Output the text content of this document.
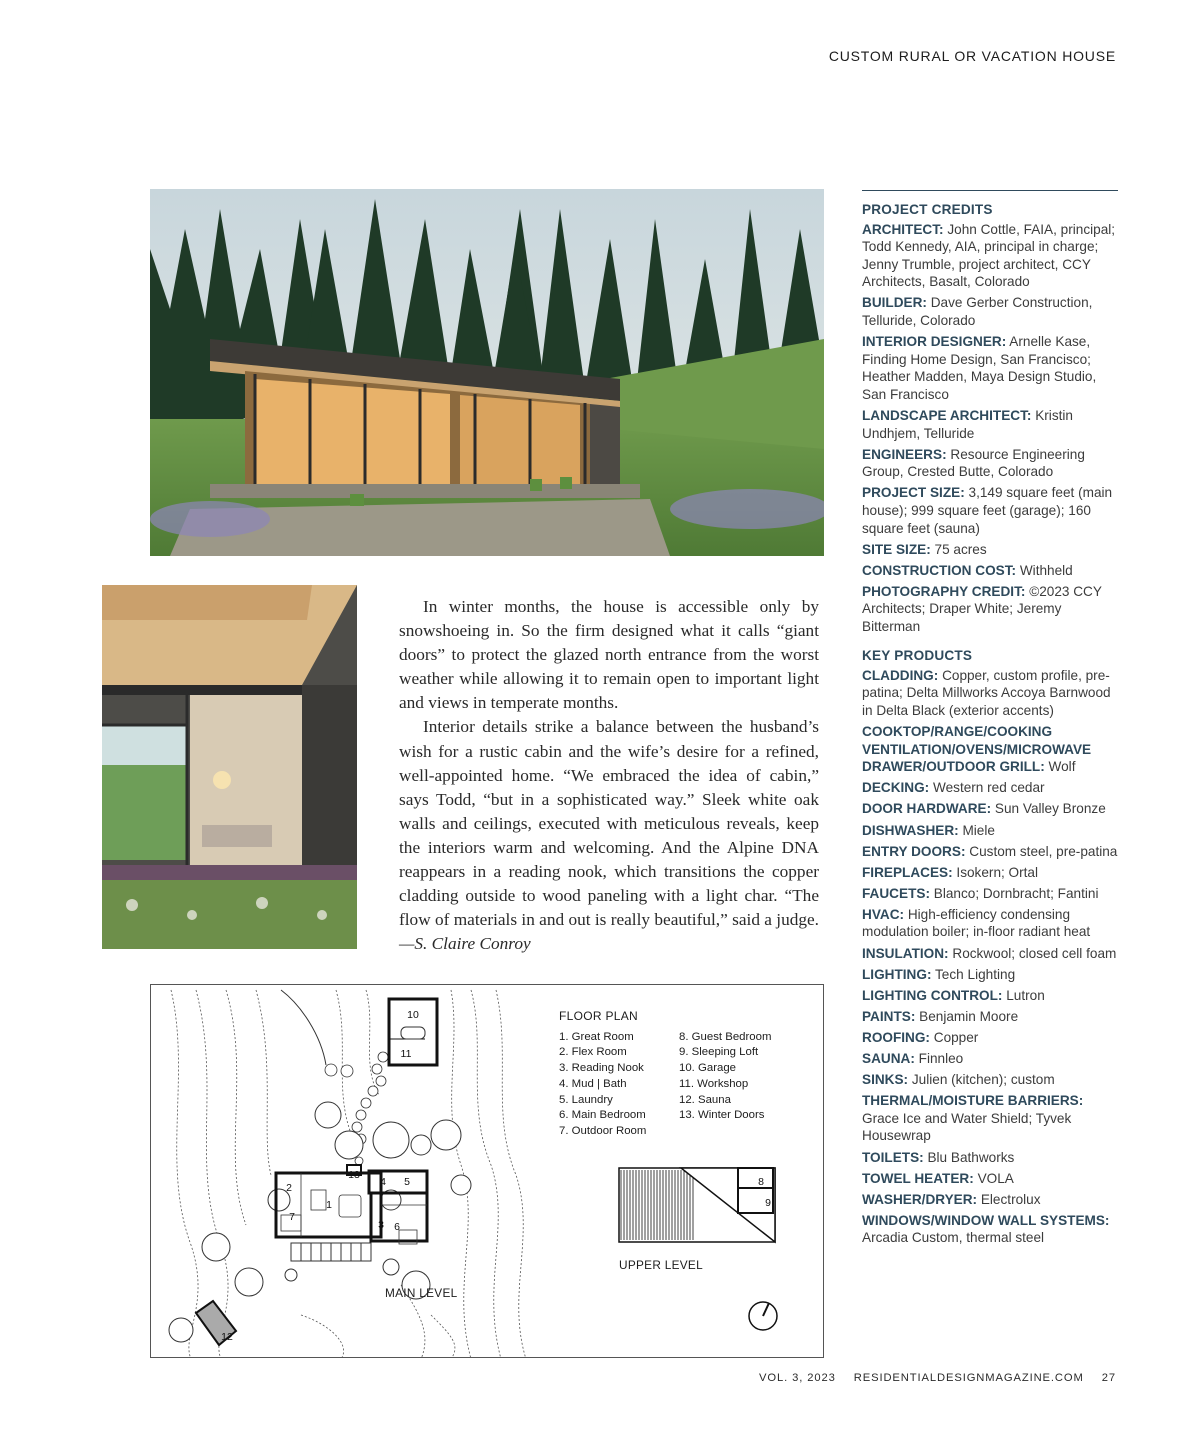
CUSTOM RURAL OR VACATION HOUSE

In winter months, the house is accessible only by snowshoeing in. So the firm designed what it calls “giant doors” to protect the glazed north entrance from the worst weather while allowing it to remain open to important light and views in temperate months.

Interior details strike a balance between the husband’s wish for a rustic cabin and the wife’s desire for a refined, well-appointed home. “We embraced the idea of cabin,” says Todd, “but in a sophisticated way.” Sleek white oak walls and ceilings, executed with meticulous reveals, keep the interiors warm and welcoming. And the Alpine DNA reappears in a reading nook, which transitions the copper cladding outside to wood paneling with a light char. “The flow of materials in and out is really beautiful,” said a judge.—S. Claire Conroy

PROJECT CREDITS
ARCHITECT: John Cottle, FAIA, principal; Todd Kennedy, AIA, principal in charge; Jenny Trumble, project architect, CCY Architects, Basalt, Colorado
BUILDER: Dave Gerber Construction, Telluride, Colorado
INTERIOR DESIGNER: Arnelle Kase, Finding Home Design, San Francisco; Heather Madden, Maya Design Studio, San Francisco
LANDSCAPE ARCHITECT: Kristin Undhjem, Telluride
ENGINEERS: Resource Engineering Group, Crested Butte, Colorado
PROJECT SIZE: 3,149 square feet (main house); 999 square feet (garage); 160 square feet (sauna)
SITE SIZE: 75 acres
CONSTRUCTION COST: Withheld
PHOTOGRAPHY CREDIT: ©2023 CCY Architects; Draper White; Jeremy Bitterman
KEY PRODUCTS
CLADDING: Copper, custom profile, pre-patina; Delta Millworks Accoya Barnwood in Delta Black (exterior accents)
COOKTOP/RANGE/COOKING VENTILATION/OVENS/MICROWAVE DRAWER/OUTDOOR GRILL: Wolf
DECKING: Western red cedar
DOOR HARDWARE: Sun Valley Bronze
DISHWASHER: Miele
ENTRY DOORS: Custom steel, pre-patina
FIREPLACES: Isokern; Ortal
FAUCETS: Blanco; Dornbracht; Fantini
HVAC: High-efficiency condensing modulation boiler; in-floor radiant heat
INSULATION: Rockwool; closed cell foam
LIGHTING: Tech Lighting
LIGHTING CONTROL: Lutron
PAINTS: Benjamin Moore
ROOFING: Copper
SAUNA: Finnleo
SINKS: Julien (kitchen); custom
THERMAL/MOISTURE BARRIERS: Grace Ice and Water Shield; Tyvek Housewrap
TOILETS: Blu Bathworks
TOWEL HEATER: VOLA
WASHER/DRYER: Electrolux
WINDOWS/WINDOW WALL SYSTEMS: Arcadia Custom, thermal steel
10
11
1
2
3
4 5
6
7
8
9
12
13
FLOOR PLAN
1. Great Room
2. Flex Room
3. Reading Nook
4. Mud | Bath
5. Laundry
6. Main Bedroom
7. Outdoor Room
8. Guest Bedroom
9. Sleeping Loft
10. Garage
11. Workshop
12. Sauna
13. Winter Doors
UPPER LEVEL
MAIN LEVEL
VOL. 3, 2023 RESIDENTIALDESIGNMAGAZINE.COM 27
